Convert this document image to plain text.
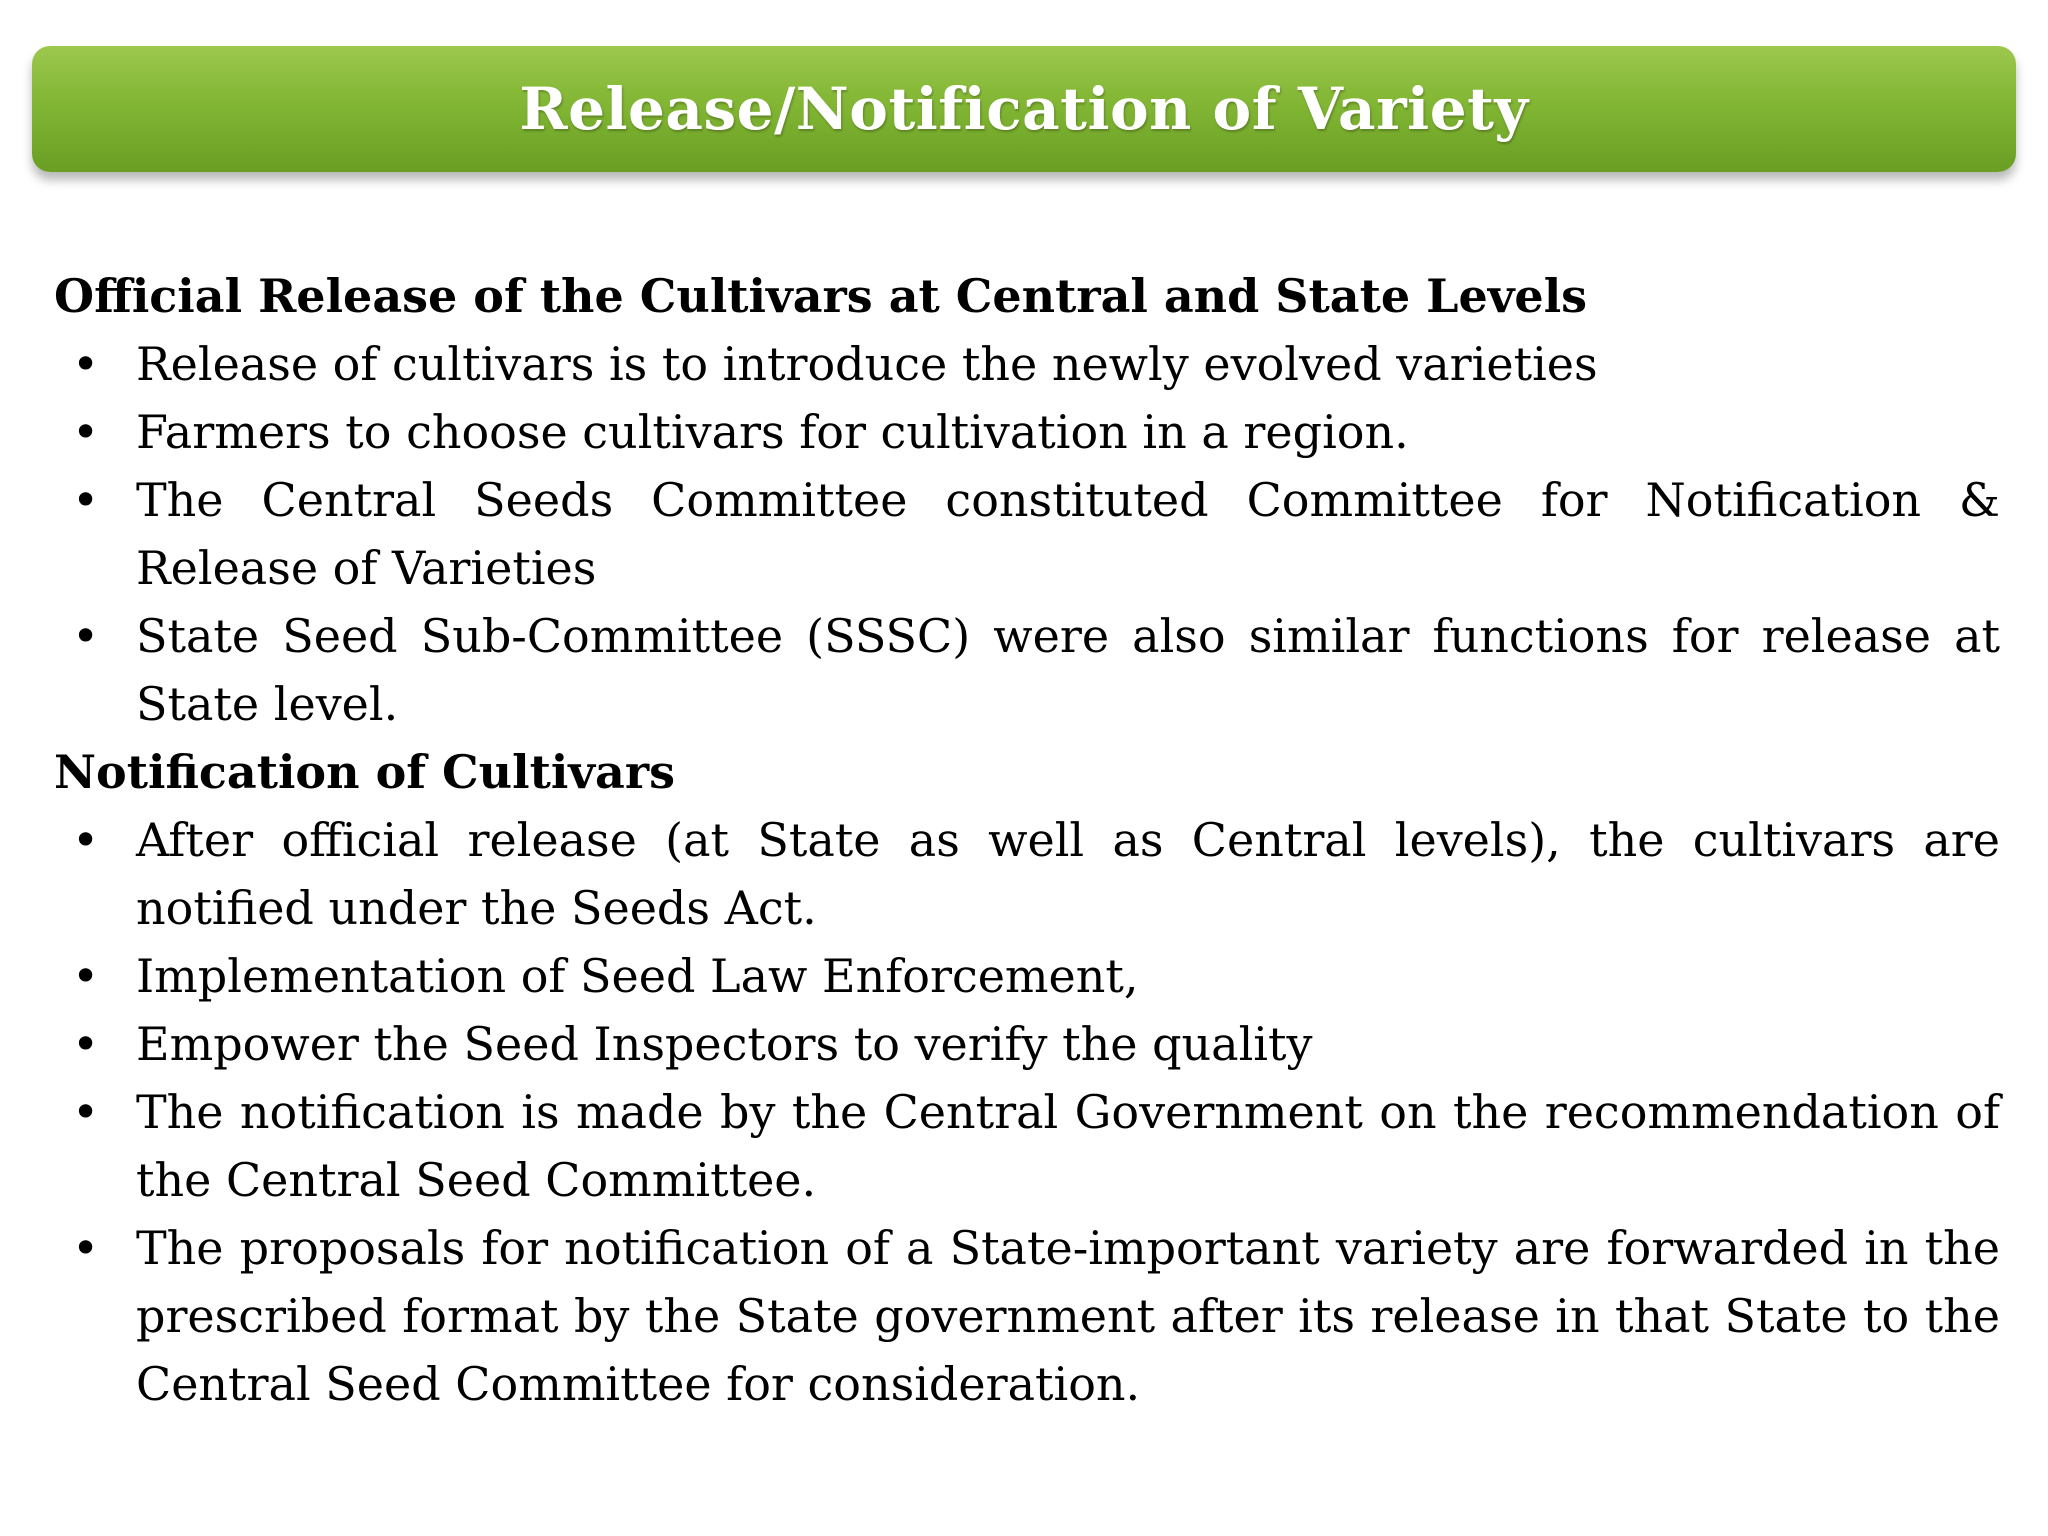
Release/Notification of Variety
Official Release of the Cultivars at Central and State Levels
• Release of cultivars is to introduce the newly evolved varieties
• Farmers to choose cultivars for cultivation in a region.
• The Central Seeds Committee constituted Committee for Notification & Release of Varieties
• State Seed Sub-Committee (SSSC) were also similar functions for release at State level.
Notification of Cultivars
• After official release (at State as well as Central levels), the cultivars are notified under the Seeds Act.
• Implementation of Seed Law Enforcement,
• Empower the Seed Inspectors to verify the quality
• The notification is made by the Central Government on the recommendation of the Central Seed Committee.
• The proposals for notification of a State-important variety are forwarded in the prescribed format by the State government after its release in that State to the Central Seed Committee for consideration.
